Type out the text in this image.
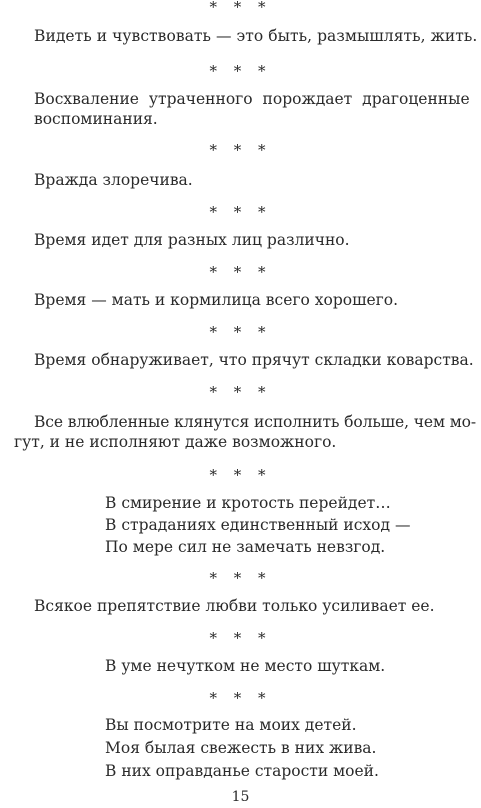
* * *
Видеть и чувствовать — это быть, размышлять, жить.
* * *
Восхваление утраченного порождает драгоценные
воспоминания.
* * *
Вражда злоречива.
* * *
Время идет для разных лиц различно.
* * *
Время — мать и кормилица всего хорошего.
* * *
Время обнаруживает, что прячут складки коварства.
* * *
Все влюбленные клянутся исполнить больше, чем мо-
гут, и не исполняют даже возможного.
* * *
В смирение и кротость перейдет…
В страданиях единственный исход —
По мере сил не замечать невзгод.
* * *
Всякое препятствие любви только усиливает ее.
* * *
В уме нечутком не место шуткам.
* * *
Вы посмотрите на моих детей.
Моя былая свежесть в них жива.
В них оправданье старости моей.
15
